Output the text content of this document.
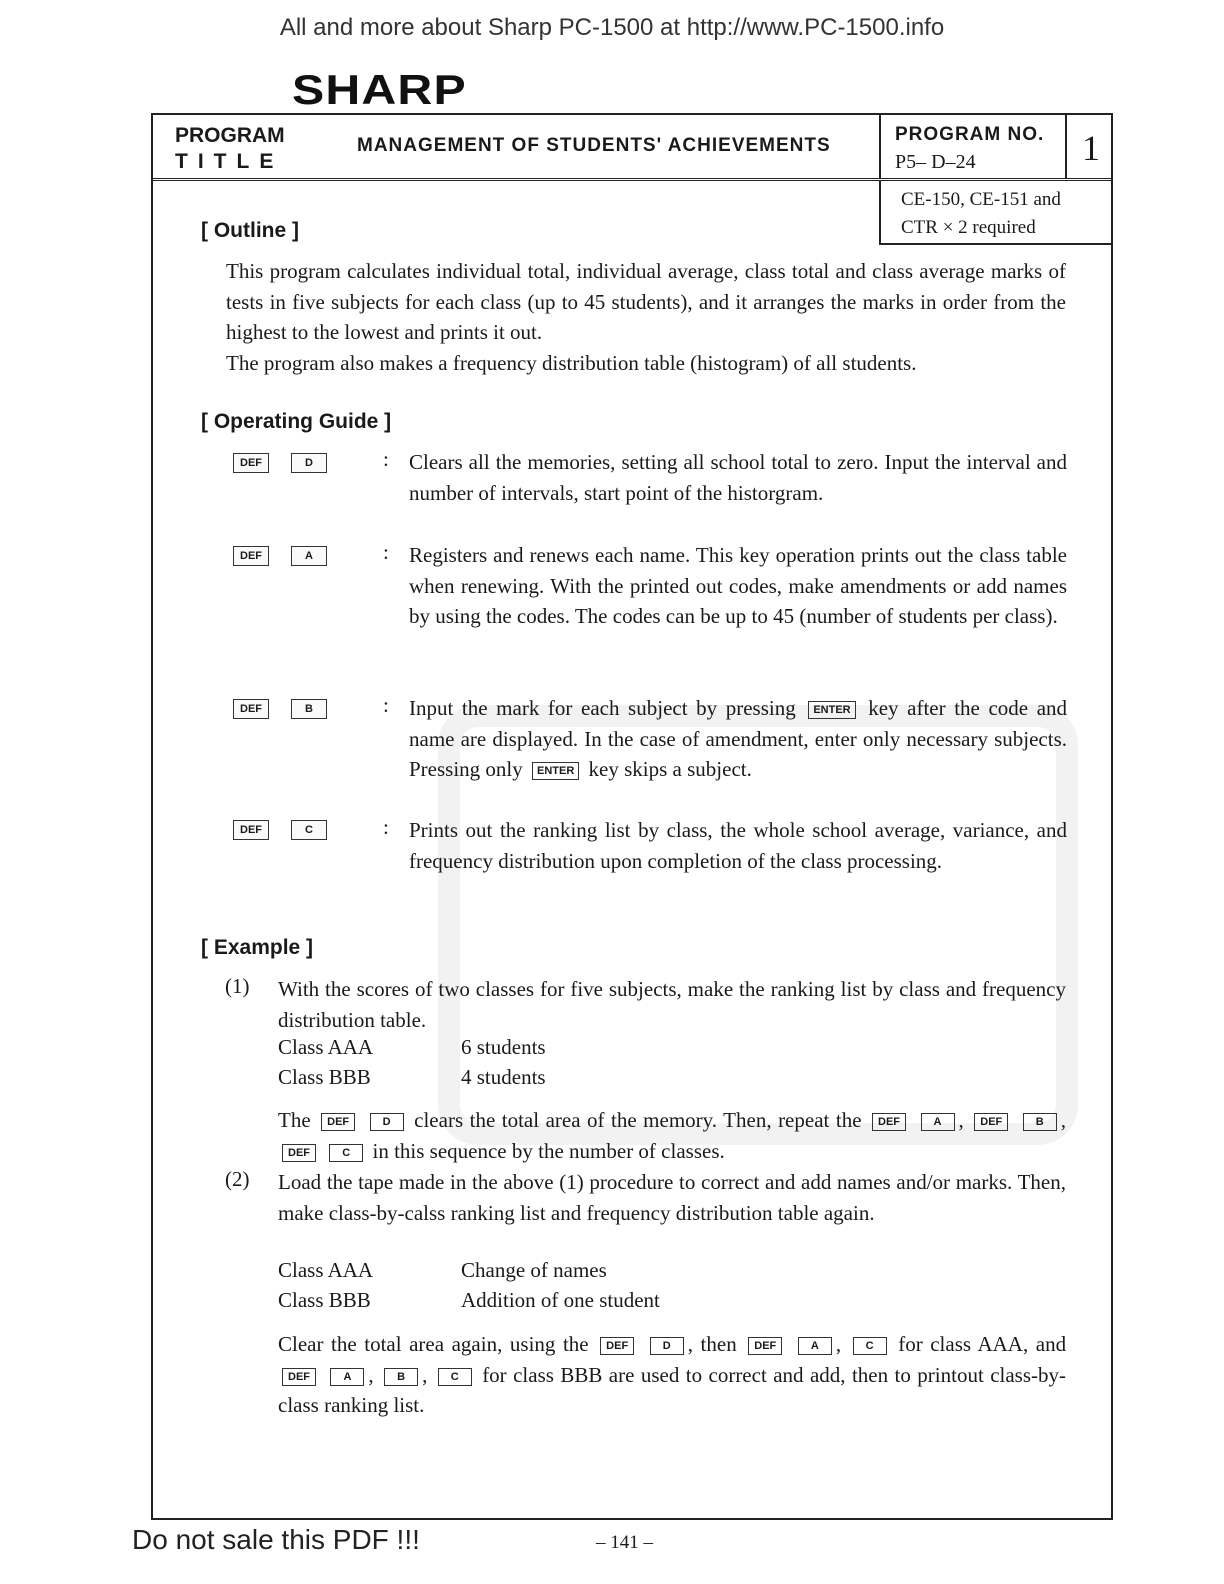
All and more about Sharp PC-1500 at http://www.PC-1500.info
SHARP
PROGRAM
TITLE
MANAGEMENT OF STUDENTS' ACHIEVEMENTS
PROGRAM NO.
P5– D–24	1
CE-150, CE-151 and
CTR × 2 required
[ Outline ]
This program calculates individual total, individual average, class total and class average marks of tests in five subjects for each class (up to 45 students), and it arranges the marks in order from the highest to the lowest and prints it out.
The program also makes a frequency distribution table (histogram) of all students.
[ Operating Guide ]
DEF	D	: Clears all the memories, setting all school total to zero. Input the interval and number of intervals, start point of the historgram.
DEF	A	: Registers and renews each name. This key operation prints out the class table when renewing. With the printed out codes, make amendments or add names by using the codes. The codes can be up to 45 (number of students per class).
DEF	B	: Input the mark for each subject by pressing ENTER key after the code and name are displayed. In the case of amendment, enter only necessary subjects. Pressing only ENTER key skips a subject.
DEF	C	: Prints out the ranking list by class, the whole school average, variance, and frequency distribution upon completion of the class processing.
[ Example ]
(1) With the scores of two classes for five subjects, make the ranking list by class and frequency distribution table.
Class AAA	6 students
Class BBB	4 students
The DEF	D clears the total area of the memory. Then, repeat the DEF	A , DEF	B , DEF	C in this sequence by the number of classes.
(2) Load the tape made in the above (1) procedure to correct and add names and/or marks. Then, make class-by-calss ranking list and frequency distribution table again.
Class AAA	Change of names
Class BBB	Addition of one student
Clear the total area again, using the DEF	D , then DEF	A , C for class AAA, and DEF	A , B , C for class BBB are used to correct and add, then to printout class-by-class ranking list.
Do not sale this PDF !!!	– 141 –
